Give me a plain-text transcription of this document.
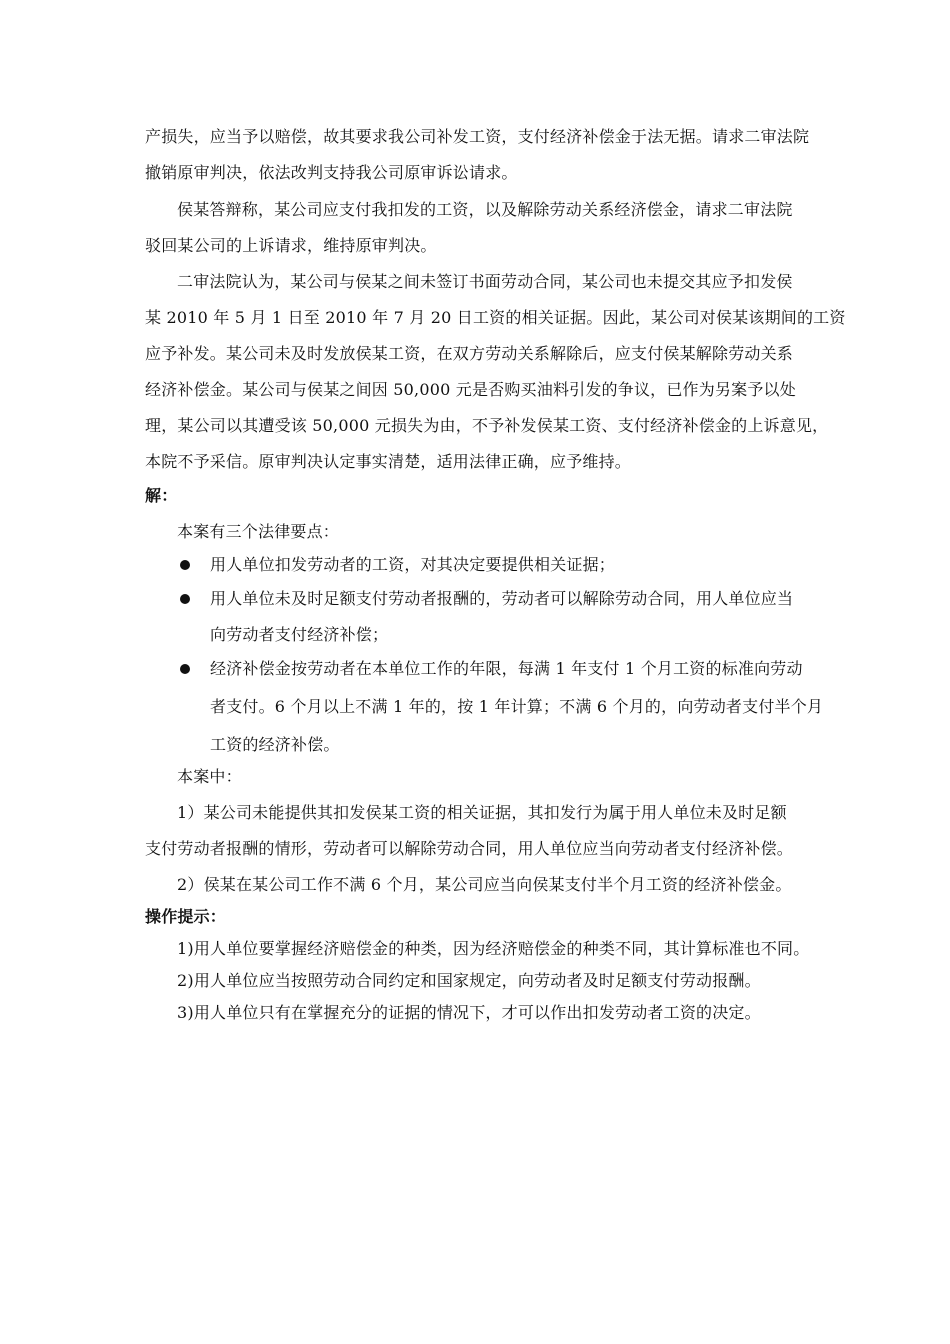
产损失，应当予以赔偿，故其要求我公司补发工资，支付经济补偿金于法无据。请求二审法院
撤销原审判决，依法改判支持我公司原审诉讼请求。
侯某答辩称，某公司应支付我扣发的工资，以及解除劳动关系经济偿金，请求二审法院
驳回某公司的上诉请求，维持原审判决。
二审法院认为，某公司与侯某之间未签订书面劳动合同，某公司也未提交其应予扣发侯
某 2010 年 5 月 1 日至 2010 年 7 月 20 日工资的相关证据。因此，某公司对侯某该期间的工资
应予补发。某公司未及时发放侯某工资，在双方劳动关系解除后，应支付侯某解除劳动关系
经济补偿金。某公司与侯某之间因 50,000 元是否购买油料引发的争议，已作为另案予以处
理，某公司以其遭受该 50,000 元损失为由，不予补发侯某工资、支付经济补偿金的上诉意见，
本院不予采信。原审判决认定事实清楚，适用法律正确，应予维持。
解：
本案有三个法律要点：
用人单位扣发劳动者的工资，对其决定要提供相关证据；
用人单位未及时足额支付劳动者报酬的，劳动者可以解除劳动合同，用人单位应当
向劳动者支付经济补偿；
经济补偿金按劳动者在本单位工作的年限，每满 1 年支付 1 个月工资的标准向劳动
者支付。6 个月以上不满 1 年的，按 1 年计算；不满 6 个月的，向劳动者支付半个月
工资的经济补偿。
本案中：
1）某公司未能提供其扣发侯某工资的相关证据，其扣发行为属于用人单位未及时足额
支付劳动者报酬的情形，劳动者可以解除劳动合同，用人单位应当向劳动者支付经济补偿。
2）侯某在某公司工作不满 6 个月，某公司应当向侯某支付半个月工资的经济补偿金。
操作提示：
1)用人单位要掌握经济赔偿金的种类，因为经济赔偿金的种类不同，其计算标准也不同。
2)用人单位应当按照劳动合同约定和国家规定，向劳动者及时足额支付劳动报酬。
3)用人单位只有在掌握充分的证据的情况下，才可以作出扣发劳动者工资的决定。
